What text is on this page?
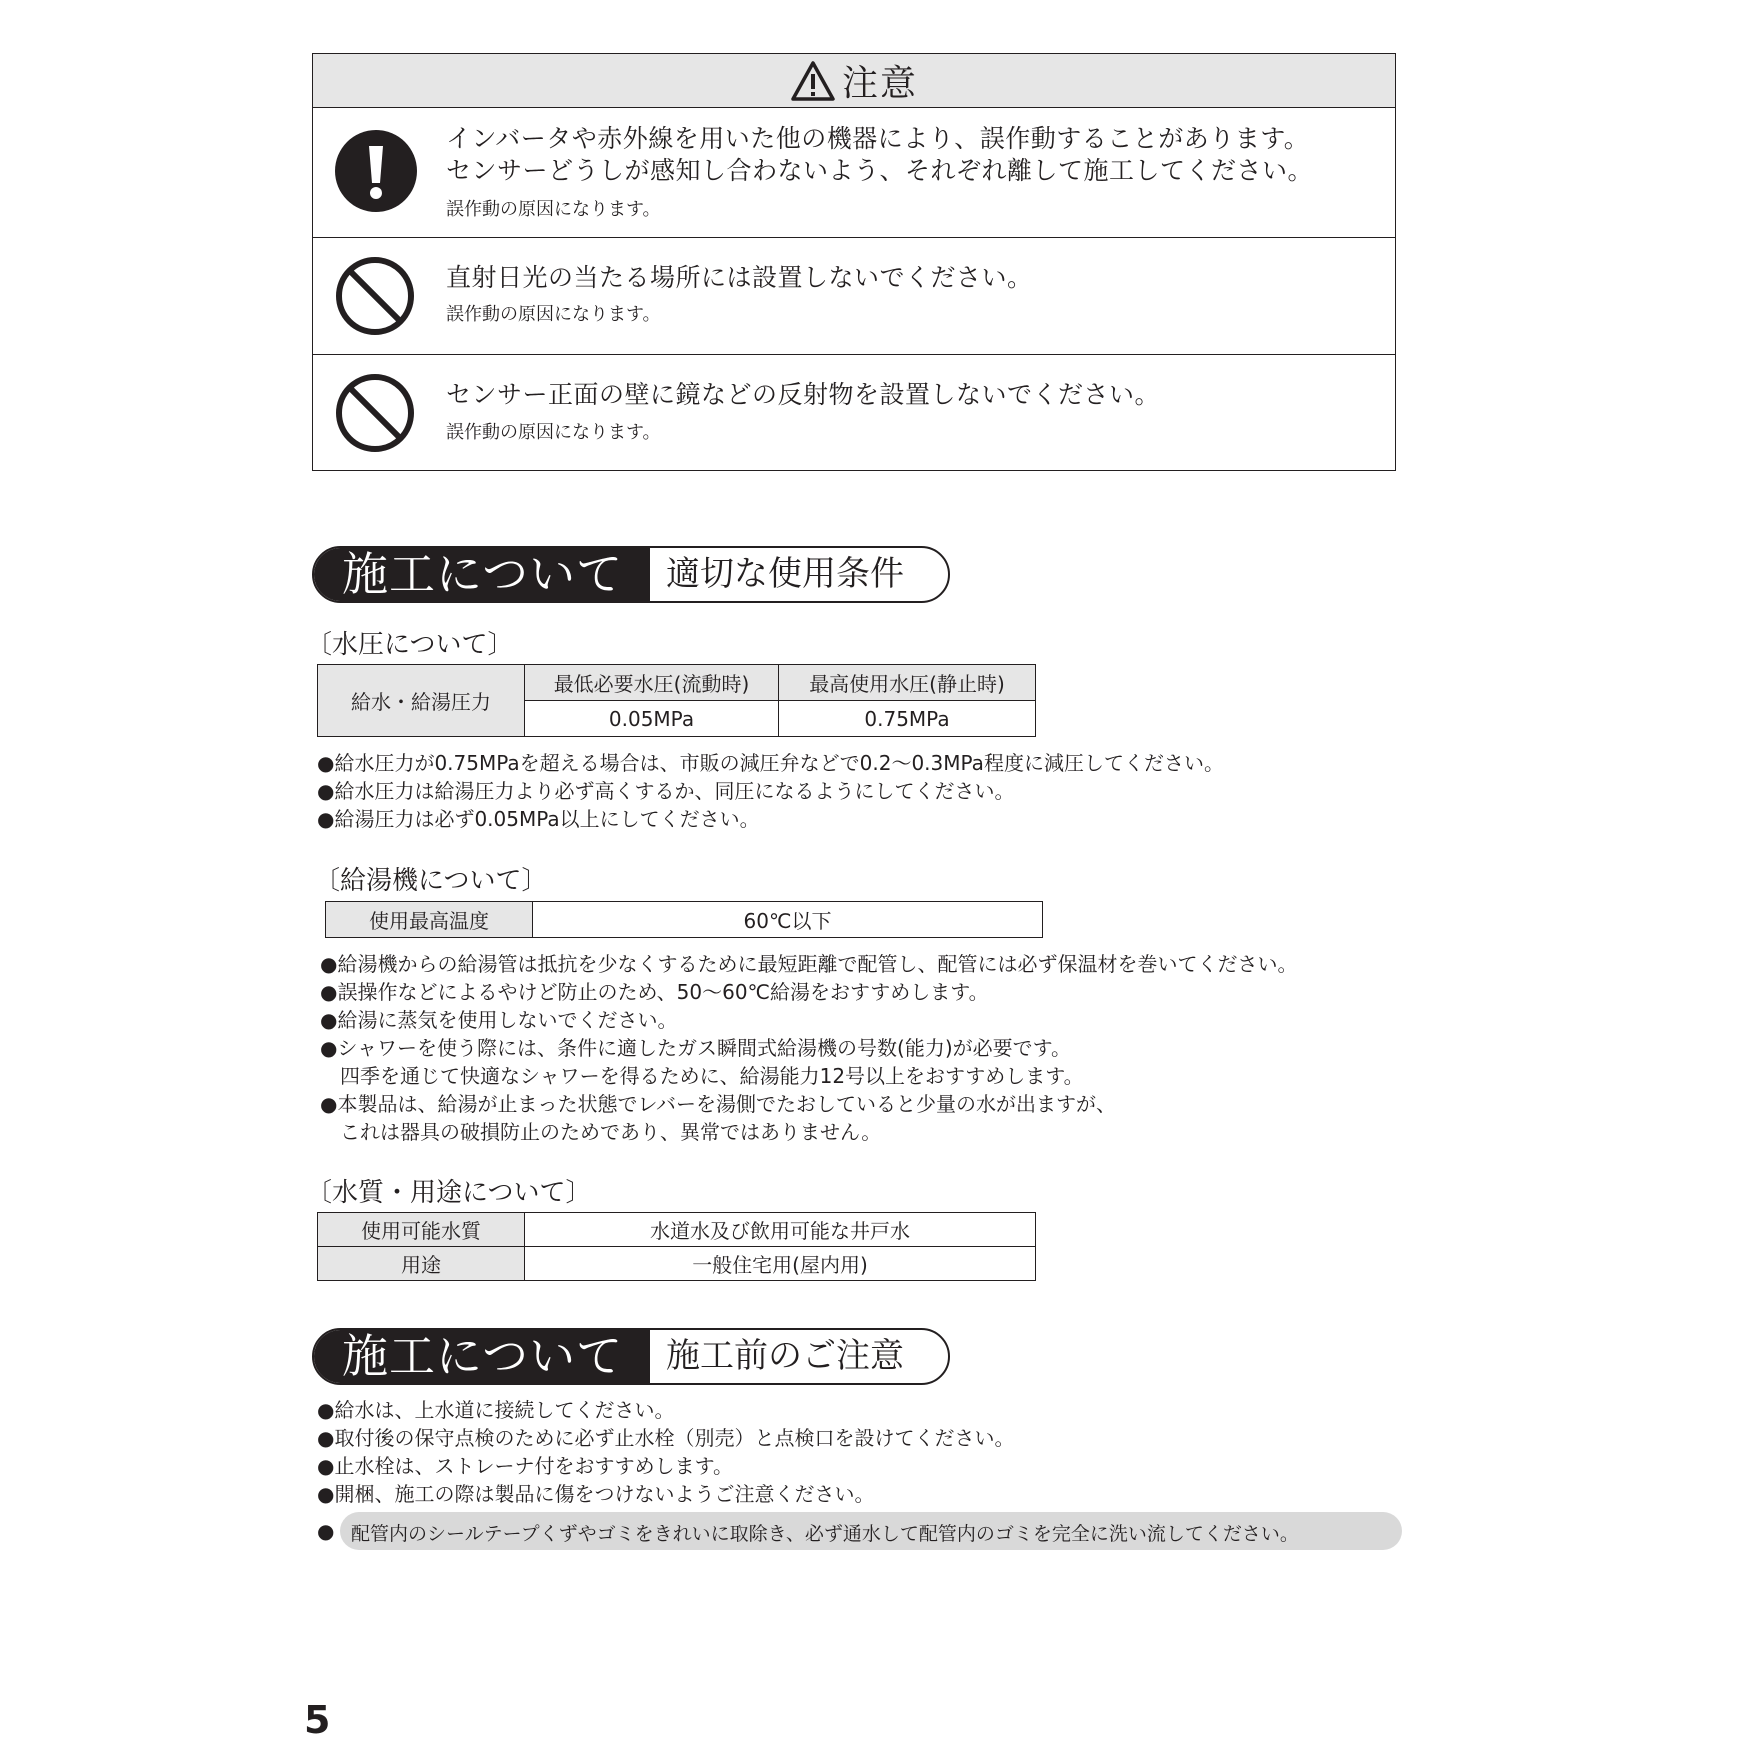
注意
インバータや赤外線を用いた他の機器により、誤作動することがあります。
センサーどうしが感知し合わないよう、それぞれ離して施工してください。
誤作動の原因になります。
直射日光の当たる場所には設置しないでください。
誤作動の原因になります。
センサー正面の壁に鏡などの反射物を設置しないでください。
誤作動の原因になります。
施工について	適切な使用条件
〔水圧について〕
給水・給湯圧力	最低必要水圧(流動時)	最高使用水圧(静止時)
	0.05MPa	0.75MPa
●給水圧力が0.75MPaを超える場合は、市販の減圧弁などで0.2～0.3MPa程度に減圧してください。
●給水圧力は給湯圧力より必ず高くするか、同圧になるようにしてください。
●給湯圧力は必ず0.05MPa以上にしてください。
〔給湯機について〕
使用最高温度	60℃以下
●給湯機からの給湯管は抵抗を少なくするために最短距離で配管し、配管には必ず保温材を巻いてください。
●誤操作などによるやけど防止のため、50～60℃給湯をおすすめします。
●給湯に蒸気を使用しないでください。
●シャワーを使う際には、条件に適したガス瞬間式給湯機の号数(能力)が必要です。
　四季を通じて快適なシャワーを得るために、給湯能力12号以上をおすすめします。
●本製品は、給湯が止まった状態でレバーを湯側でたおしていると少量の水が出ますが、
　これは器具の破損防止のためであり、異常ではありません。
〔水質・用途について〕
使用可能水質	水道水及び飲用可能な井戸水
用途	一般住宅用(屋内用)
施工について	施工前のご注意
●給水は、上水道に接続してください。
●取付後の保守点検のために必ず止水栓（別売）と点検口を設けてください。
●止水栓は、ストレーナ付をおすすめします。
●開梱、施工の際は製品に傷をつけないようご注意ください。
● 配管内のシールテープくずやゴミをきれいに取除き、必ず通水して配管内のゴミを完全に洗い流してください。
5
